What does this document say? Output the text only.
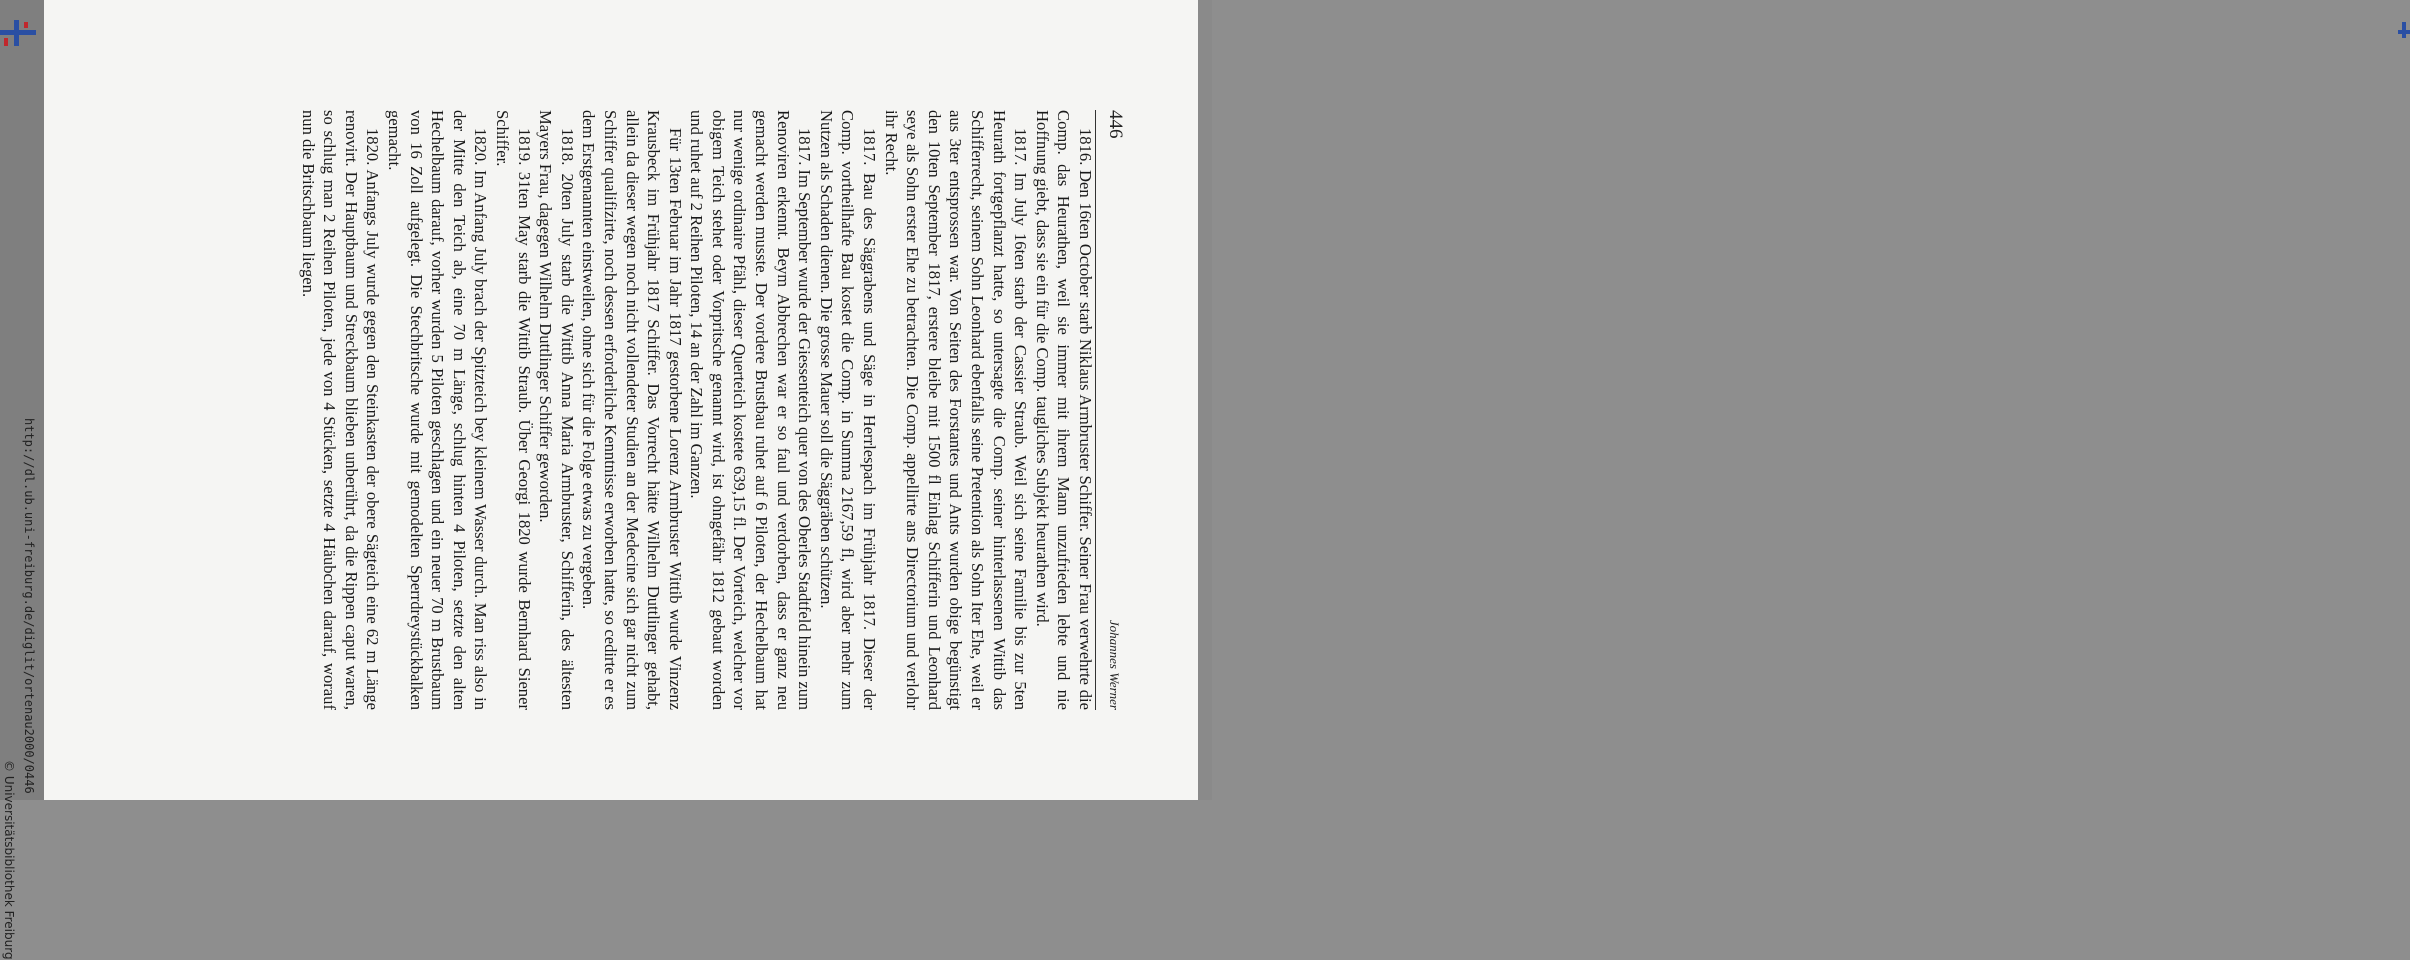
446
Johannes Werner

1816. Den 16ten October starb Niklaus Armbruster Schiffer. Seiner Frau verwehrte die Comp. das Heurathen, weil sie immer mit ihrem Mann unzufrieden lebte und nie Hoffnung giebt, dass sie ein für die Comp. taugliches Subjekt heurathen wird.

1817. Im July 16ten starb der Cassier Straub. Weil sich seine Familie bis zur 5ten Heurath fortgepflanzt hatte, so untersagte die Comp. seiner hinterlassenen Wittib das Schifferrecht, seinem Sohn Leonhard ebenfalls seine Pretention als Sohn Iter Ehe, weil er aus 3ter entsprossen war. Von Seiten des Forstantes und Ants wurden obige begünstigt den 10ten September 1817, erstere bleibe mit 1500 fl Einlag Schifferin und Leonhard seye als Sohn erster Ehe zu betrachten. Die Comp. appellirte ans Directorium und verlohr ihr Recht.

1817. Bau des Säggrabens und Säge in Herrlespach im Frühjahr 1817. Dieser der Comp. vortheilhafte Bau kostet die Comp. in Summa 2167,59 fl, wird aber mehr zum Nutzen als Schaden dienen. Die grosse Mauer soll die Säggräben schützen.

1817. Im September wurde der Giessenteich quer von des Oberles Stadtfeld hinein zum Renoviren erkennt. Beym Abbrechen war er so faul und verdorben, dass er ganz neu gemacht werden musste. Der vordere Brustbau ruhet auf 6 Piloten, der Hechelbaum hat nur wenige ordinaire Pfähl, dieser Querteich kostete 639,15 fl. Der Vorteich, welcher vor obigem Teich stehet oder Vorpritsche genannt wird, ist ohngefähr 1812 gebaut worden und ruhet auf 2 Reihen Piloten, 14 an der Zahl im Ganzen.

Für 13ten Februar im Jahr 1817 gestorbene Lorenz Armbruster Wittib wurde Vinzenz Krausbeck im Frühjahr 1817 Schiffer. Das Vorrecht hätte Wilhelm Duttlinger gehabt, allein da dieser wegen noch nicht vollendeter Studien an der Medecine sich gar nicht zum Schiffer qualifizirte, noch dessen erforderliche Kenntnisse erworben hatte, so cedirte er es dem Erstgenannten einstweilen, ohne sich für die Folge etwas zu vergeben.

1818. 20ten July starb die Wittib Anna Maria Armbruster, Schifferin, des ältesten Mayers Frau, dagegen Wilhelm Duttlinger Schiffer geworden.

1819. 31ten May starb die Wittib Straub. Über Georgi 1820 wurde Bernhard Siener Schiffer.

1820. Im Anfang July brach der Spitzteich bey kleinem Wasser durch. Man riss also in der Mitte den Teich ab, eine 70 m Länge, schlug hinten 4 Piloten, setzte den alten Hechelbaum darauf, vorher wurden 5 Piloten geschlagen und ein neuer 70 m Brustbaum von 16 Zoll aufgelegt. Die Stechbritsche wurde mit gemodelten Sperrdreystückbalken gemacht.

1820. Anfangs July wurde gegen den Steinkasten der obere Sägteich eine 62 m Länge renovirt. Der Hauptbaum und Streckbaum blieben unberührt, da die Rippen caput waren, so schlug man 2 Reihen Piloten, jede von 4 Stücken, setzte 4 Häubchen darauf, worauf nun die Britschbaum liegen.

http://dl.ub.uni-freiburg.de/diglit/ortenau2000/0446
© Universitätsbibliothek Freiburg
